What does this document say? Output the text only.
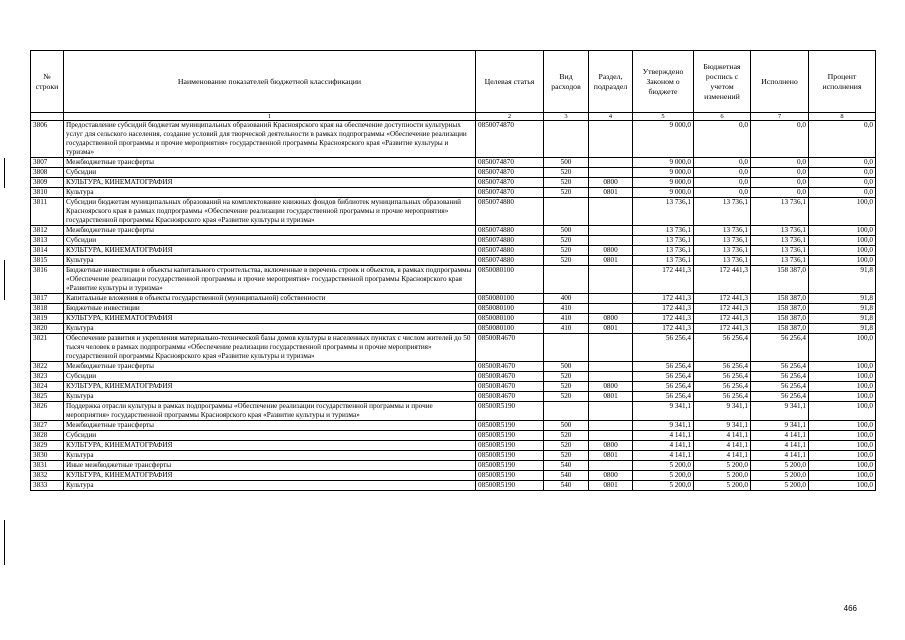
№ строки	Наименование показателей бюджетной классификации	Целевая статья	Вид расходов	Раздел, подраздел	Утверждено Законом о бюджете	Бюджетная роспись с учетом изменений	Исполнено	Процент исполнения
	1	2	3	4	5	6	7	8
3806	Предоставление субсидий бюджетам муниципальных образований Красноярского края на обеспечение доступности культурных услуг для сельского населения, создание условий для творческой деятельности в рамках подпрограммы «Обеспечение реализации государственной программы и прочие мероприятия» государственной программы Красноярского края «Развитие культуры и туризма»	0850074870			9 000,0	0,0	0,0	0,0
3807	Межбюджетные трансферты	0850074870	500		9 000,0	0,0	0,0	0,0
3808	Субсидии	0850074870	520		9 000,0	0,0	0,0	0,0
3809	КУЛЬТУРА, КИНЕМАТОГРАФИЯ	0850074870	520	0800	9 000,0	0,0	0,0	0,0
3810	Культура	0850074870	520	0801	9 000,0	0,0	0,0	0,0
3811	Субсидии бюджетам муниципальных образований на комплектование книжных фондов библиотек муниципальных образований Красноярского края в рамках подпрограммы «Обеспечение реализации государственной программы и прочие мероприятия» государственной программы Красноярского края «Развитие культуры и туризма»	0850074880			13 736,1	13 736,1	13 736,1	100,0
3812	Межбюджетные трансферты	0850074880	500		13 736,1	13 736,1	13 736,1	100,0
3813	Субсидии	0850074880	520		13 736,1	13 736,1	13 736,1	100,0
3814	КУЛЬТУРА, КИНЕМАТОГРАФИЯ	0850074880	520	0800	13 736,1	13 736,1	13 736,1	100,0
3815	Культура	0850074880	520	0801	13 736,1	13 736,1	13 736,1	100,0
3816	Бюджетные инвестиции в объекты капитального строительства, включенные в перечень строек и объектов, в рамках подпрограммы «Обеспечение реализации государственной программы и прочие мероприятия» государственной программы Красноярского края «Развитие культуры и туризма»	0850080100			172 441,3	172 441,3	158 387,0	91,8
3817	Капитальные вложения в объекты государственной (муниципальной) собственности	0850080100	400		172 441,3	172 441,3	158 387,0	91,8
3818	Бюджетные инвестиции	0850080100	410		172 441,3	172 441,3	158 387,0	91,8
3819	КУЛЬТУРА, КИНЕМАТОГРАФИЯ	0850080100	410	0800	172 441,3	172 441,3	158 387,0	91,8
3820	Культура	0850080100	410	0801	172 441,3	172 441,3	158 387,0	91,8
3821	Обеспечение развития и укрепления материально-технической базы домов культуры в населенных пунктах с числом жителей до 50 тысяч человек в рамках подпрограммы «Обеспечение реализации государственной программы и прочие мероприятия» государственной программы Красноярского края «Развитие культуры и туризма»	08500R4670			56 256,4	56 256,4	56 256,4	100,0
3822	Межбюджетные трансферты	08500R4670	500		56 256,4	56 256,4	56 256,4	100,0
3823	Субсидии	08500R4670	520		56 256,4	56 256,4	56 256,4	100,0
3824	КУЛЬТУРА, КИНЕМАТОГРАФИЯ	08500R4670	520	0800	56 256,4	56 256,4	56 256,4	100,0
3825	Культура	08500R4670	520	0801	56 256,4	56 256,4	56 256,4	100,0
3826	Поддержка отрасли культуры в рамках подпрограммы «Обеспечение реализации государственной программы и прочие мероприятия» государственной программы Красноярского края «Развитие культуры и туризма»	08500R5190			9 341,1	9 341,1	9 341,1	100,0
3827	Межбюджетные трансферты	08500R5190	500		9 341,1	9 341,1	9 341,1	100,0
3828	Субсидии	08500R5190	520		4 141,1	4 141,1	4 141,1	100,0
3829	КУЛЬТУРА, КИНЕМАТОГРАФИЯ	08500R5190	520	0800	4 141,1	4 141,1	4 141,1	100,0
3830	Культура	08500R5190	520	0801	4 141,1	4 141,1	4 141,1	100,0
3831	Иные межбюджетные трансферты	08500R5190	540		5 200,0	5 200,0	5 200,0	100,0
3832	КУЛЬТУРА, КИНЕМАТОГРАФИЯ	08500R5190	540	0800	5 200,0	5 200,0	5 200,0	100,0
3833	Культура	08500R5190	540	0801	5 200,0	5 200,0	5 200,0	100,0
466
